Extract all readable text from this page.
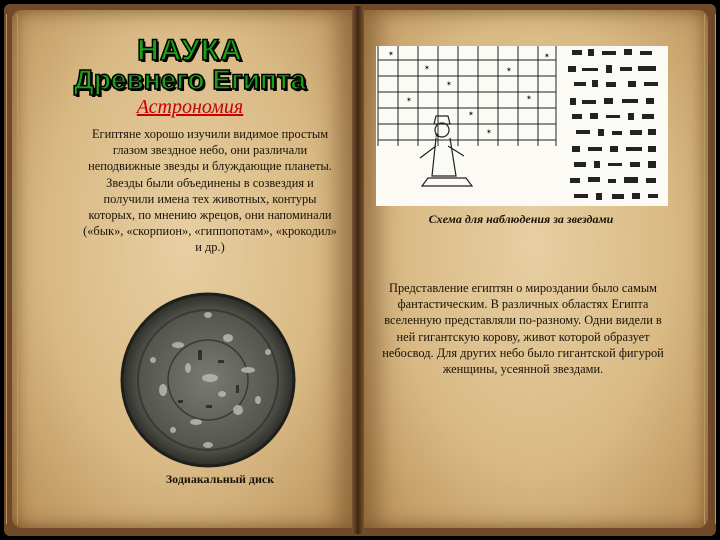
НАУКА
Древнего Египта
Астрономия
Египтяне хорошо изучили видимое простым глазом звездное небо, они различали неподвижные звезды и блуждающие планеты. Звезды были объединены в созвездия и получили имена тех животных, контуры которых, по мнению жрецов, они напоминали («бык», «скорпион», «гиппопотам», «крокодил» и др.)
Зодиакальный диск
✶
✶
✶
✶
✶
✶
✶
✶
✶
✶
Схема для наблюдения за звездами
Представление египтян о мироздании было самым фантастическим. В различных областях Египта вселенную представляли по-разному. Одни видели в ней гигантскую корову, живот которой образует небосвод. Для других небо было гигантской фигурой женщины, усеянной звездами.
